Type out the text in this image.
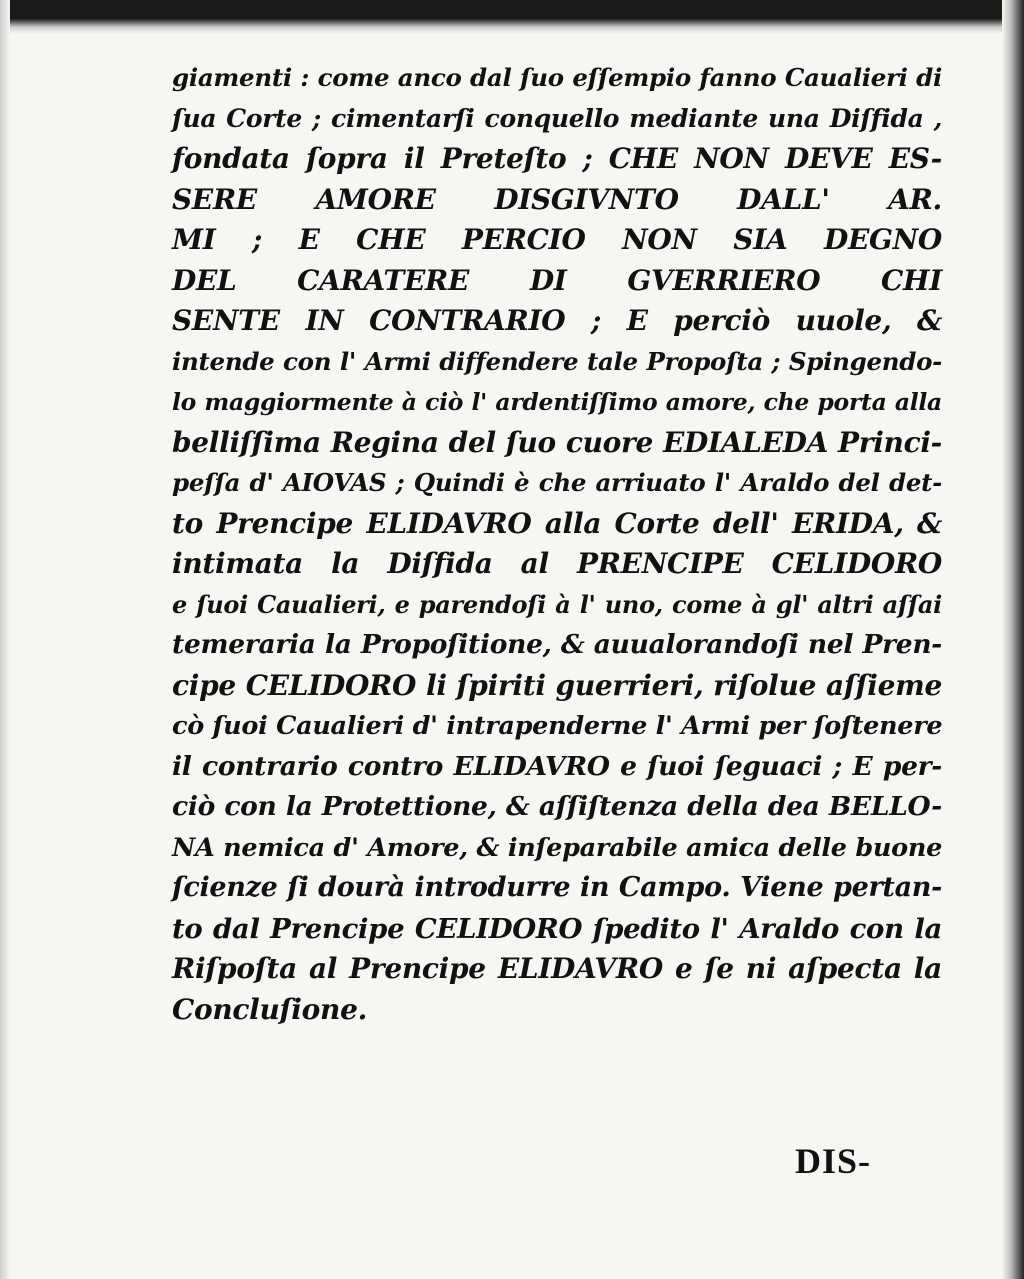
giamenti : come anco dal ſuo eſſempio fanno Caualieri di
ſua Corte ; cimentarſi conquello mediante una Diſfida ,
fondata ſopra il Preteſto ; CHE NON DEVE ES-
SERE AMORE DISGIVNTO DALL' AR.
MI ; E CHE PERCIO NON SIA DEGNO
DEL CARATERE DI GVERRIERO CHI
SENTE IN CONTRARIO ; E perciò uuole, &
intende con l' Armi diffendere tale Propoſta ; Spingendo-
lo maggiormente à ciò l' ardentiſſimo amore, che porta alla
belliſſima Regina del ſuo cuore EDIALEDA Princi-
peſſa d' AIOVAS ; Quindi è che arriuato l' Araldo del det-
to Prencipe ELIDAVRO alla Corte dell' ERIDA, &
intimata la Diſfida al PRENCIPE CELIDORO
e ſuoi Caualieri, e parendoſi à l' uno, come à gl' altri aſſai
temeraria la Propoſitione, & auualorandoſi nel Pren-
cipe CELIDORO li ſpiriti guerrieri, riſolue aſſieme
cò ſuoi Caualieri d' intrapenderne l' Armi per ſoſtenere
il contrario contro ELIDAVRO e ſuoi ſeguaci ; E per-
ciò con la Protettione, & aſſiſtenza della dea BELLO-
NA nemica d' Amore, & inſeparabile amica delle buone
ſcienze ſi dourà introdurre in Campo. Viene pertan-
to dal Prencipe CELIDORO ſpedito l' Araldo con la
Riſpoſta al Prencipe ELIDAVRO e ſe ni aſpecta la
Concluſione.
DIS-
